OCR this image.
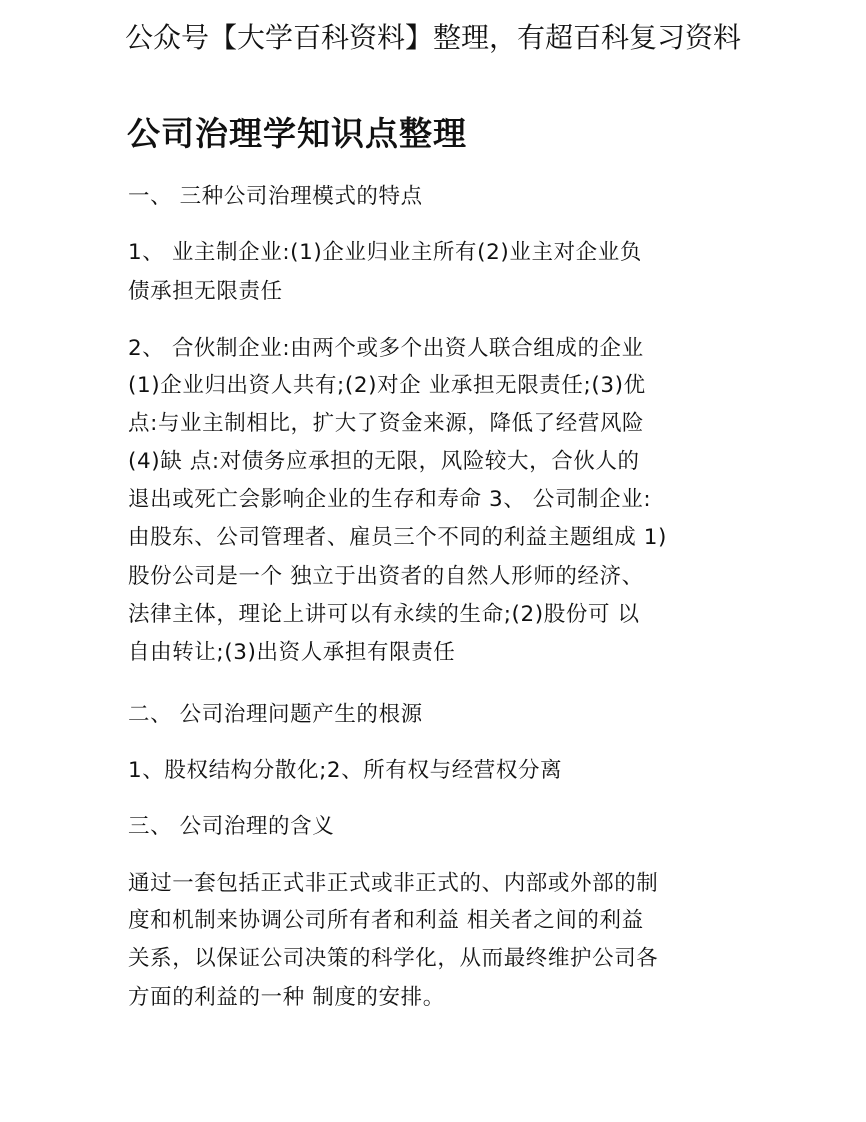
公众号【大学百科资料】整理，有超百科复习资料
公司治理学知识点整理
一、 三种公司治理模式的特点
1、 业主制企业:(1)企业归业主所有(2)业主对企业负
债承担无限责任
2、 合伙制企业:由两个或多个出资人联合组成的企业
(1)企业归出资人共有;(2)对企 业承担无限责任;(3)优
点:与业主制相比，扩大了资金来源，降低了经营风险
(4)缺 点:对债务应承担的无限，风险较大，合伙人的
退出或死亡会影响企业的生存和寿命 3、 公司制企业:
由股东、公司管理者、雇员三个不同的利益主题组成 1)
股份公司是一个 独立于出资者的自然人形师的经济、
法律主体，理论上讲可以有永续的生命;(2)股份可 以
自由转让;(3)出资人承担有限责任
二、 公司治理问题产生的根源
1、股权结构分散化;2、所有权与经营权分离
三、 公司治理的含义
通过一套包括正式非正式或非正式的、内部或外部的制
度和机制来协调公司所有者和利益 相关者之间的利益
关系，以保证公司决策的科学化，从而最终维护公司各
方面的利益的一种 制度的安排。
